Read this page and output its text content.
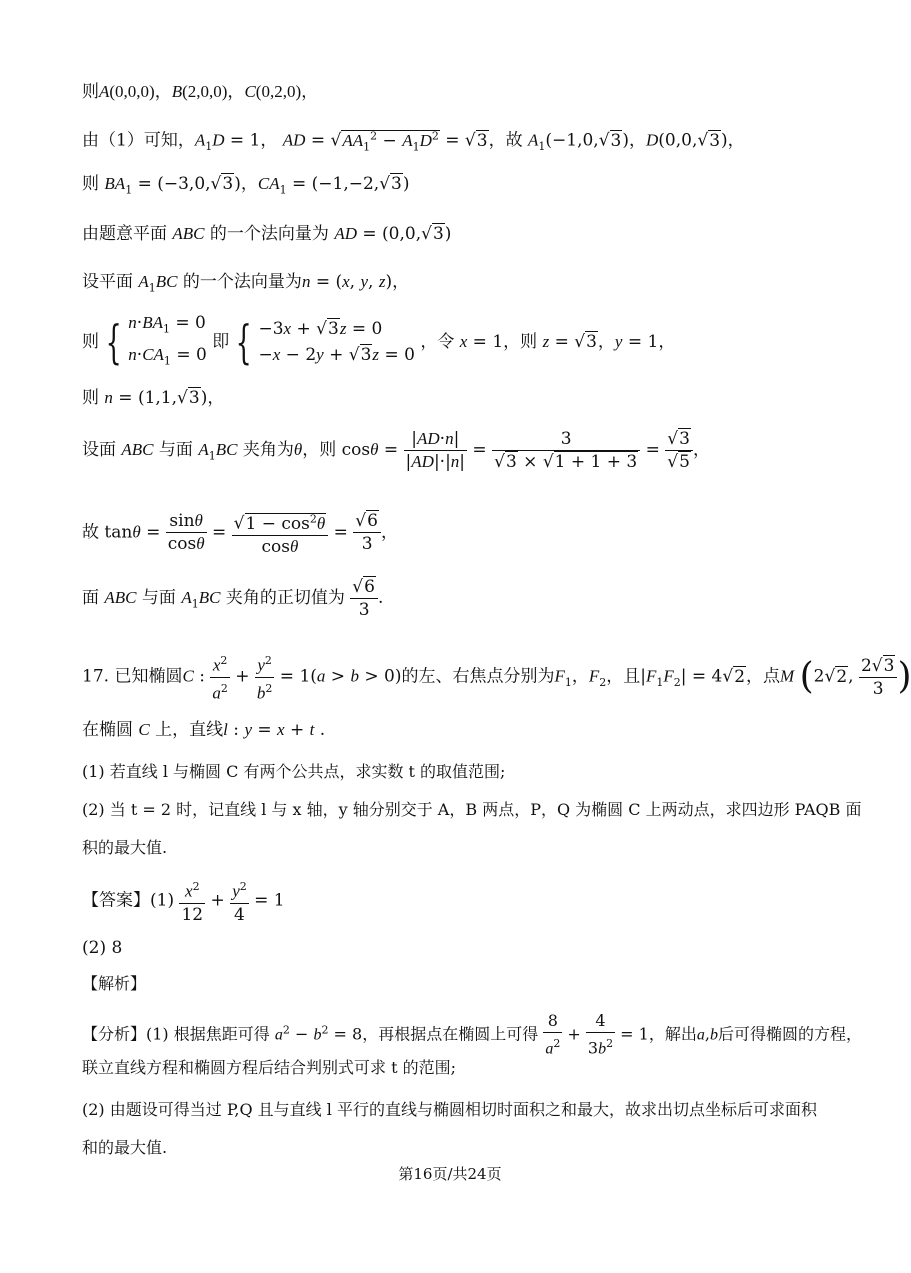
则A(0,0,0)，B(2,0,0)，C(0,2,0)，
由（1）可知，$A_1D = 1$， AD = $√AA_1^2 - A_1D^2 = √3$，故 $A_1(-1,0,√3)$，D(0,0,√3)，
则 $BA_1 = (-3,0,√3)$，$CA_1 = (-1,-2,√3)$
由题意平面 ABC 的一个法向量为 AD = (0,0,√3)
设平面 $A_1BC$ 的一个法向量为n = (x, y, z)，
则 { $n\cdot BA_1 = 0$
$n\cdot CA_1 = 0$ 即 { −3x + √3z = 0
−x − 2y + √3z = 0 ，令 x = 1，则 z = √3，y = 1，
则 n = (1,1,√3)，
设面 ABC 与面 $A_1BC$ 夹角为θ，则 $\cos\theta = \frac{|AD\cdot n|}{|AD|\cdot|n|} = \frac{3}{√3 \times √1 + 1 + 3} = \frac{√3}{√5}$ ，
故 $\tan\theta = \frac{\sin\theta}{\cos\theta} = \frac{√1 - \cos^2\theta}{\cos\theta} = \frac{√6}{3}$ ，
面 ABC 与面 $A_1BC$ 夹角的正切值为 $\frac{√6}{3}$ .
17. 已知椭圆C : $\frac{x^2}{a^2} + \frac{y^2}{b^2} = 1(a > b > 0)$的左、右焦点分别为$F_1$，$F_2$，且$|F_1F_2| = 4√2$，点M (2√2, $\frac{2√3}{3}$ )
在椭圆 C 上，直线l : y = x + t .
(1) 若直线 l 与椭圆 C 有两个公共点，求实数 t 的取值范围;
(2) 当 t = 2 时，记直线 l 与 x 轴，y 轴分别交于 A，B 两点，P，Q 为椭圆 C 上两动点，求四边形 PAQB 面
积的最大值.
【答案】$(1) \frac{x^2}{12} + \frac{y^2}{4} = 1$
(2) 8
【解析】
【分析】(1) 根据焦距可得 $a^2 - b^2 = 8$，再根据点在椭圆上可得 $\frac{8}{a^2} + \frac{4}{3b^2} = 1$，解出a,b后可得椭圆的方程，
联立直线方程和椭圆方程后结合判别式可求 t 的范围;
(2) 由题设可得当过 P,Q 且与直线 l 平行的直线与椭圆相切时面积之和最大，故求出切点坐标后可求面积
和的最大值.
第16页/共24页
